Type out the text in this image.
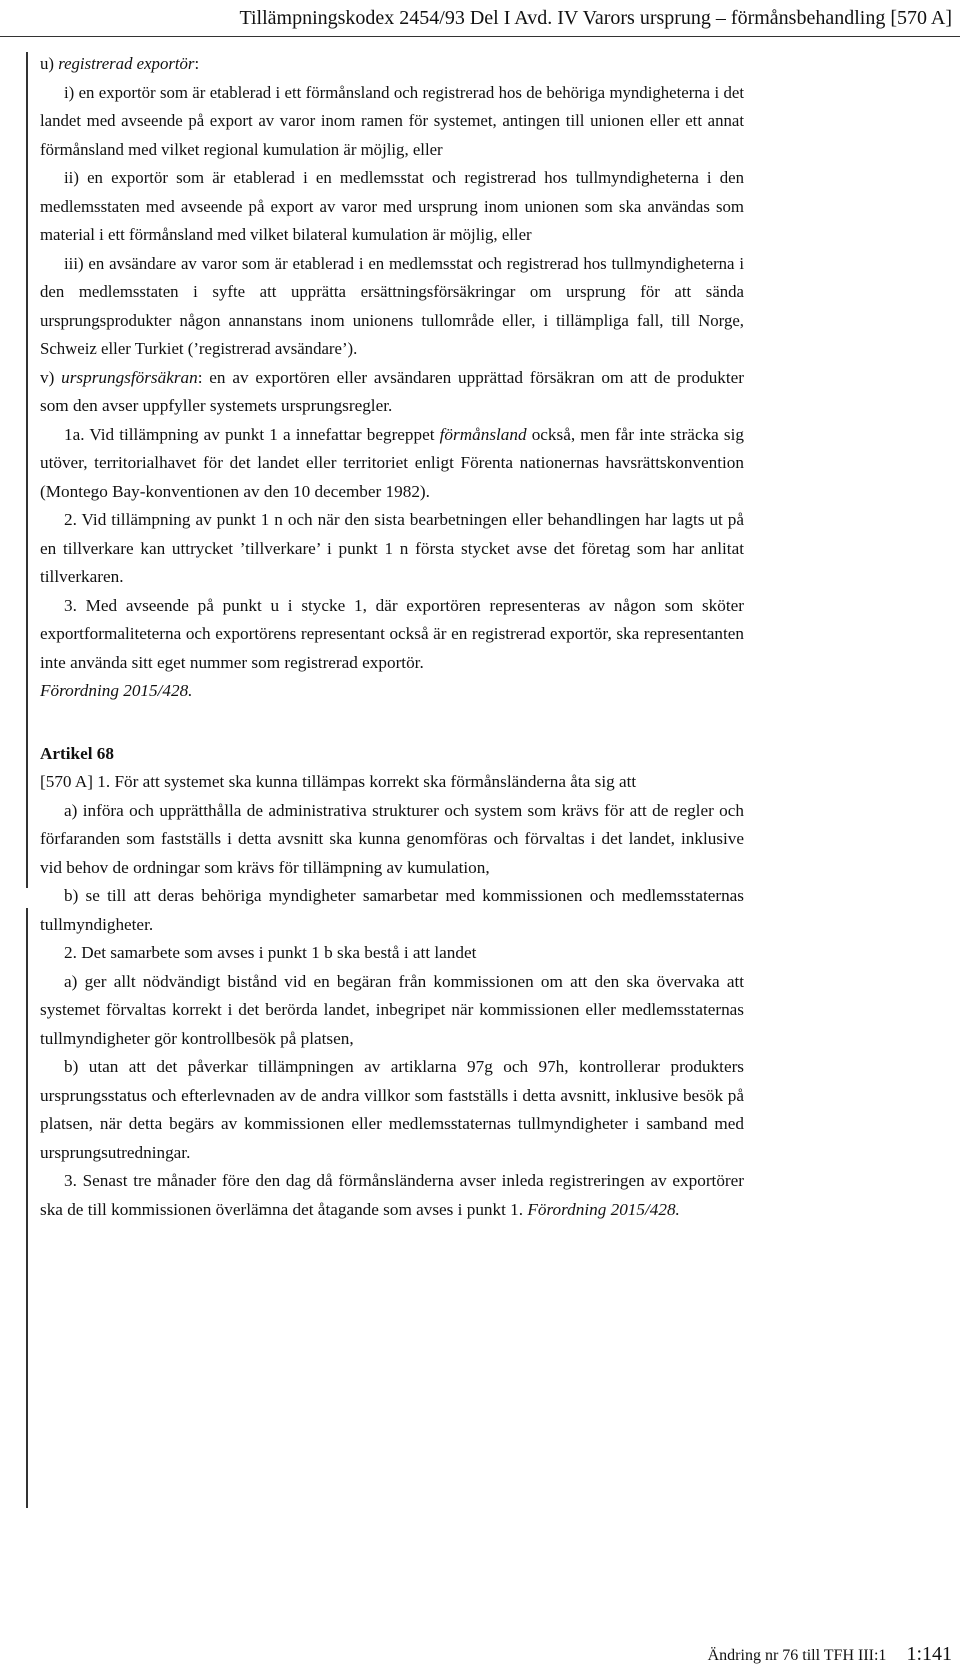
Tillämpningskodex 2454/93 Del I Avd. IV Varors ursprung – förmånsbehandling [570 A]

u) registrerad exportör:

i) en exportör som är etablerad i ett förmånsland och registrerad hos de behöriga myndigheterna i det landet med avseende på export av varor inom ramen för systemet, antingen till unionen eller ett annat förmånsland med vilket regional kumulation är möjlig, eller

ii) en exportör som är etablerad i en medlemsstat och registrerad hos tullmyndigheterna i den medlemsstaten med avseende på export av varor med ursprung inom unionen som ska användas som material i ett förmånsland med vilket bilateral kumulation är möjlig, eller

iii) en avsändare av varor som är etablerad i en medlemsstat och registrerad hos tullmyndigheterna i den medlemsstaten i syfte att upprätta ersättningsförsäkringar om ursprung för att sända ursprungsprodukter någon annanstans inom unionens tullområde eller, i tillämpliga fall, till Norge, Schweiz eller Turkiet (’registrerad avsändare’).

v) ursprungsförsäkran: en av exportören eller avsändaren upprättad försäkran om att de produkter som den avser uppfyller systemets ursprungsregler.

1a. Vid tillämpning av punkt 1 a innefattar begreppet förmånsland också, men får inte sträcka sig utöver, territorialhavet för det landet eller territoriet enligt Förenta nationernas havsrättskonvention (Montego Bay-konventionen av den 10 december 1982).

2. Vid tillämpning av punkt 1 n och när den sista bearbetningen eller behandlingen har lagts ut på en tillverkare kan uttrycket ’tillverkare’ i punkt 1 n första stycket avse det företag som har anlitat tillverkaren.

3. Med avseende på punkt u i stycke 1, där exportören representeras av någon som sköter exportformaliteterna och exportörens representant också är en registrerad exportör, ska representanten inte använda sitt eget nummer som registrerad exportör.

Förordning 2015/428.

Artikel 68

[570 A] 1. För att systemet ska kunna tillämpas korrekt ska förmånsländerna åta sig att

a) införa och upprätthålla de administrativa strukturer och system som krävs för att de regler och förfaranden som fastställs i detta avsnitt ska kunna genomföras och förvaltas i det landet, inklusive vid behov de ordningar som krävs för tillämpning av kumulation,

b) se till att deras behöriga myndigheter samarbetar med kommissionen och medlemsstaternas tullmyndigheter.

2. Det samarbete som avses i punkt 1 b ska bestå i att landet

a) ger allt nödvändigt bistånd vid en begäran från kommissionen om att den ska övervaka att systemet förvaltas korrekt i det berörda landet, inbegripet när kommissionen eller medlemsstaternas tullmyndigheter gör kontrollbesök på platsen,

b) utan att det påverkar tillämpningen av artiklarna 97g och 97h, kontrollerar produkters ursprungsstatus och efterlevnaden av de andra villkor som fastställs i detta avsnitt, inklusive besök på platsen, när detta begärs av kommissionen eller medlemsstaternas tullmyndigheter i samband med ursprungsutredningar.

3. Senast tre månader före den dag då förmånsländerna avser inleda registreringen av exportörer ska de till kommissionen överlämna det åtagande som avses i punkt 1. Förordning 2015/428.

Ändring nr 76 till TFH III:1 1:141
